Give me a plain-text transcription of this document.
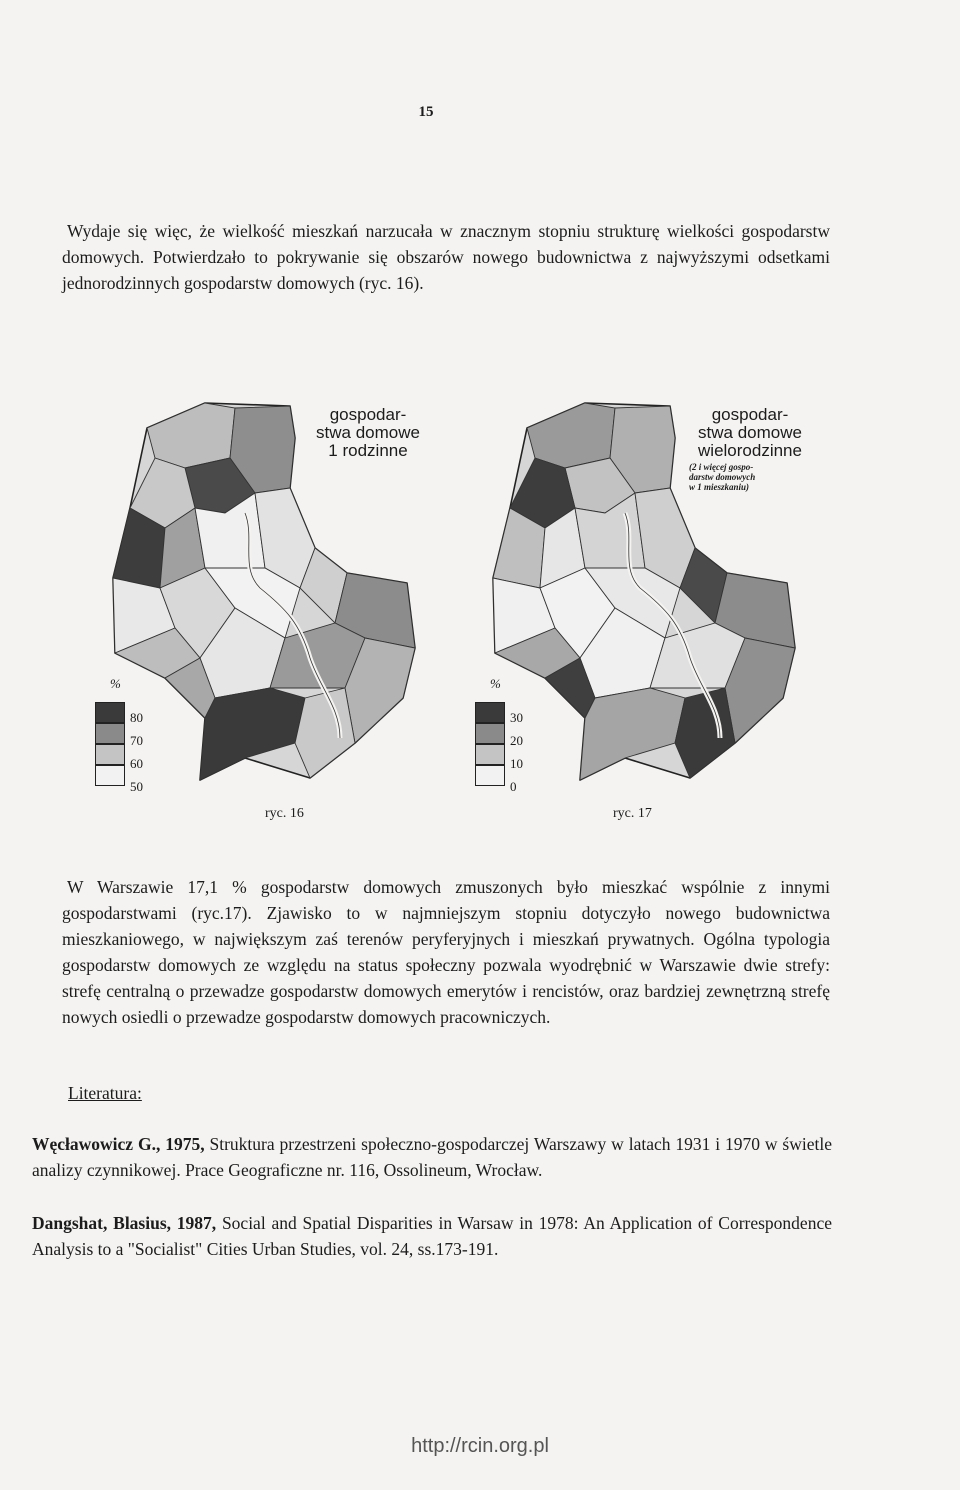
15
Wydaje się więc, że wielkość mieszkań narzucała w znacznym stopniu strukturę wielkości gospodarstw domowych. Potwierdzało to pokrywanie się obszarów nowego budownictwa z najwyższymi odsetkami jednorodzinnych gospodarstw domowych (ryc. 16).
gospodar-
stwa domowe
1 rodzinne
%
80
70
60
50
ryc. 16
gospodar-
stwa domowe
wielorodzinne
(2 i więcej gospo-
darstw domowych
w 1 mieszkaniu)
%
30
20
10
0
ryc. 17
W Warszawie 17,1 % gospodarstw domowych zmuszonych było mieszkać wspólnie z innymi gospodarstwami (ryc.17). Zjawisko to w najmniejszym stopniu dotyczyło nowego budownictwa mieszkaniowego, w największym zaś terenów peryferyjnych i mieszkań prywatnych. Ogólna typologia gospodarstw domowych ze względu na status społeczny pozwala wyodrębnić w Warszawie dwie strefy: strefę centralną o przewadze gospodarstw domowych emerytów i rencistów, oraz bardziej zewnętrzną strefę nowych osiedli o przewadze gospodarstw domowych pracowniczych.
Literatura:
Węcławowicz G., 1975, Struktura przestrzeni społeczno-gospodarczej Warszawy w latach 1931 i 1970 w świetle analizy czynnikowej. Prace Geograficzne nr. 116, Ossolineum, Wrocław.
Dangshat, Blasius, 1987, Social and Spatial Disparities in Warsaw in 1978: An Application of Correspondence Analysis to a "Socialist" Cities Urban Studies, vol. 24, ss.173-191.
http://rcin.org.pl
